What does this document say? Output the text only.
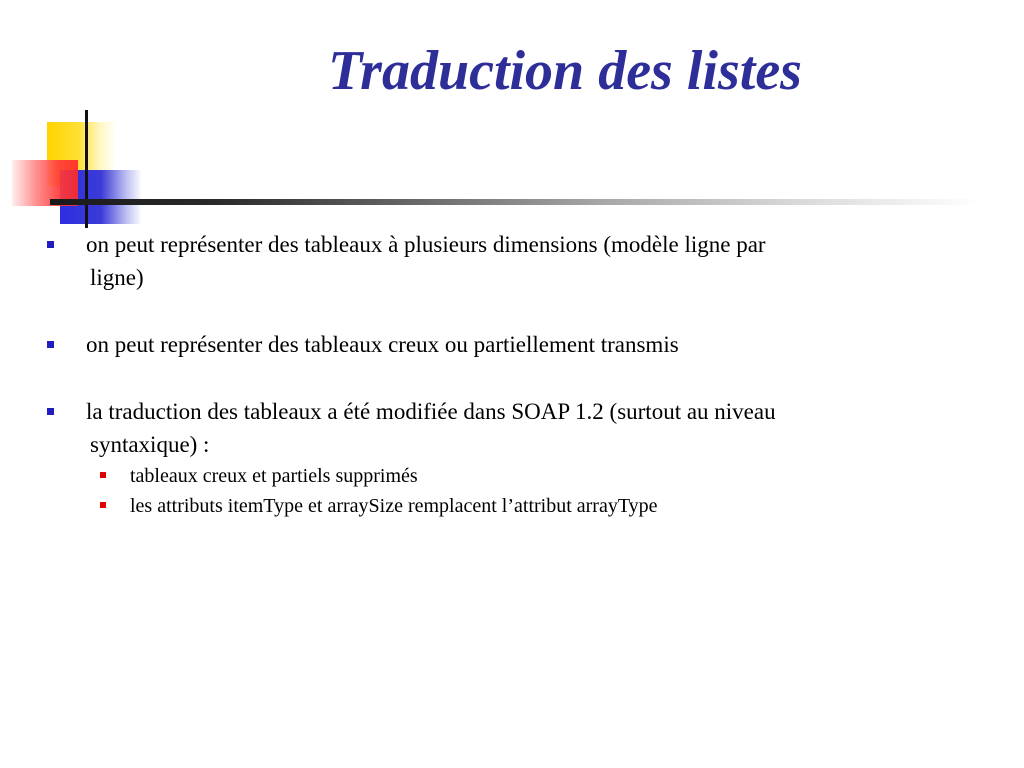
Traduction des listes
on peut représenter des tableaux à plusieurs dimensions (modèle ligne par
ligne)
on peut représenter des tableaux creux ou partiellement transmis
la traduction des tableaux a été modifiée dans SOAP 1.2 (surtout au niveau
syntaxique) :
tableaux creux et partiels supprimés
les attributs itemType et arraySize remplacent l’attribut arrayType
